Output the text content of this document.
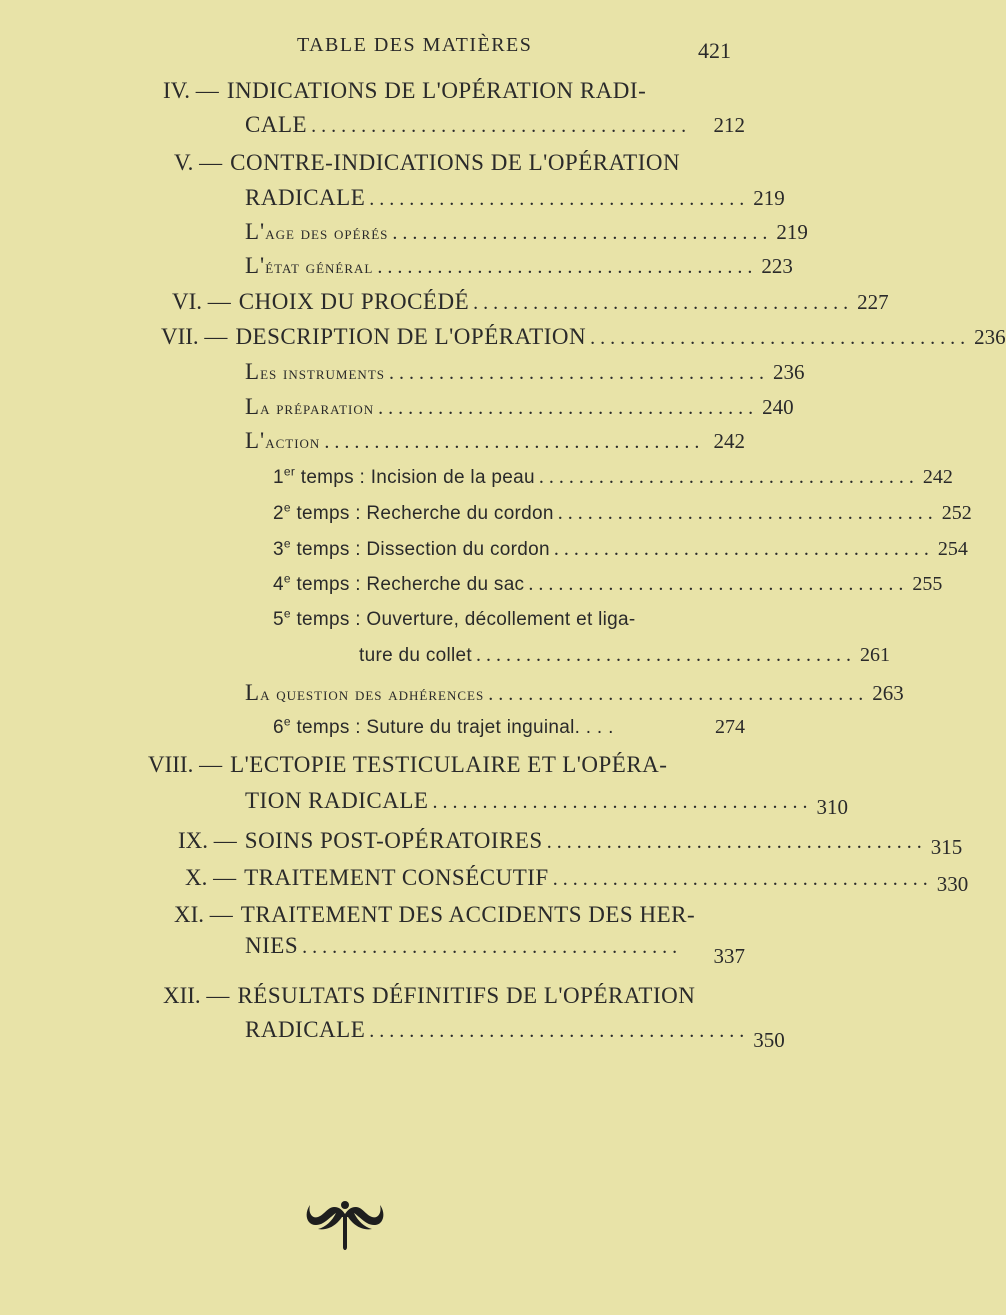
TABLE DES MATIÈRES	421
IV. — INDICATIONS DE L'OPÉRATION RADI-
CALE ......................................	212
V. — CONTRE-INDICATIONS DE L'OPÉRATION
RADICALE ...................................... 219
L'age des opérés ...................................... 219
L'état général ...................................... 223
VI. — CHOIX DU PROCÉDÉ ...................................... 227
VII. — DESCRIPTION DE L'OPÉRATION ...................................... 236
Les instruments ...................................... 236
La préparation ...................................... 240
L'action ...................................... 242
1er temps : Incision de la peau ...................................... 242
2e temps : Recherche du cordon ...................................... 252
3e temps : Dissection du cordon ...................................... 254
4e temps : Recherche du sac ...................................... 255
5e temps : Ouverture, décollement et liga-
ture du collet ...................................... 261
La question des adhérences ...................................... 263
6e temps : Suture du trajet inguinal. . . .	274
VIII. — L'ECTOPIE TESTICULAIRE ET L'OPÉRA-
TION RADICALE ...................................... 310
IX. — SOINS POST-OPÉRATOIRES ...................................... 315
X. — TRAITEMENT CONSÉCUTIF ...................................... 330
XI. — TRAITEMENT DES ACCIDENTS DES HER-
NIES ......................................	337
XII. — RÉSULTATS DÉFINITIFS DE L'OPÉRATION
RADICALE ...................................... 350
